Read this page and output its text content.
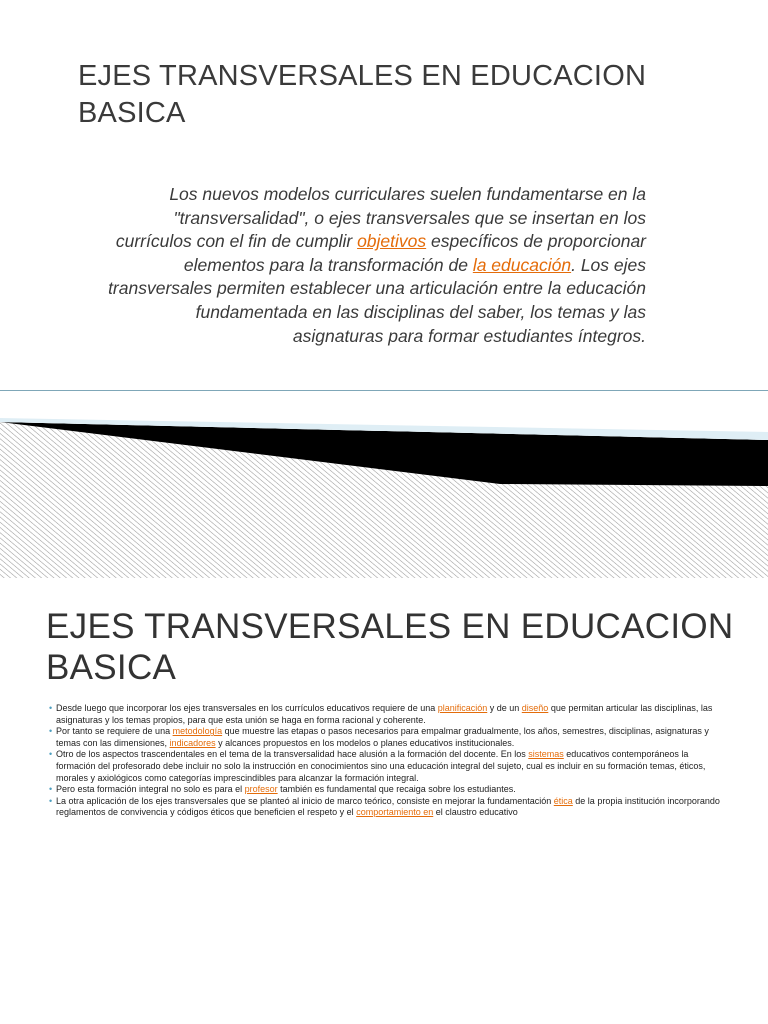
EJES TRANSVERSALES EN EDUCACION BASICA
Los nuevos modelos curriculares suelen fundamentarse en la "transversalidad", o ejes transversales que se insertan en los currículos con el fin de cumplir objetivos específicos de proporcionar elementos para la transformación de la educación. Los ejes transversales permiten establecer una articulación entre la educación fundamentada en las disciplinas del saber, los temas y las asignaturas para formar estudiantes íntegros.
EJES TRANSVERSALES EN EDUCACION BASICA
• Desde luego que incorporar los ejes transversales en los currículos educativos requiere de una planificación y de un diseño que permitan articular las disciplinas, las asignaturas y los temas propios, para que esta unión se haga en forma racional y coherente.
• Por tanto se requiere de una metodología que muestre las etapas o pasos necesarios para empalmar gradualmente, los años, semestres, disciplinas, asignaturas y temas con las dimensiones, indicadores y alcances propuestos en los modelos o planes educativos institucionales.
• Otro de los aspectos trascendentales en el tema de la transversalidad hace alusión a la formación del docente. En los sistemas educativos contemporáneos la formación del profesorado debe incluir no solo la instrucción en conocimientos sino una educación integral del sujeto, cual es incluir en su formación temas, éticos, morales y axiológicos como categorías imprescindibles para alcanzar la formación integral.
• Pero esta formación integral no solo es para el profesor también es fundamental que recaiga sobre los estudiantes.
• La otra aplicación de los ejes transversales que se planteó al inicio de marco teórico, consiste en mejorar la fundamentación ética de la propia institución incorporando reglamentos de convivencia y códigos éticos que beneficien el respeto y el comportamiento en el claustro educativo
